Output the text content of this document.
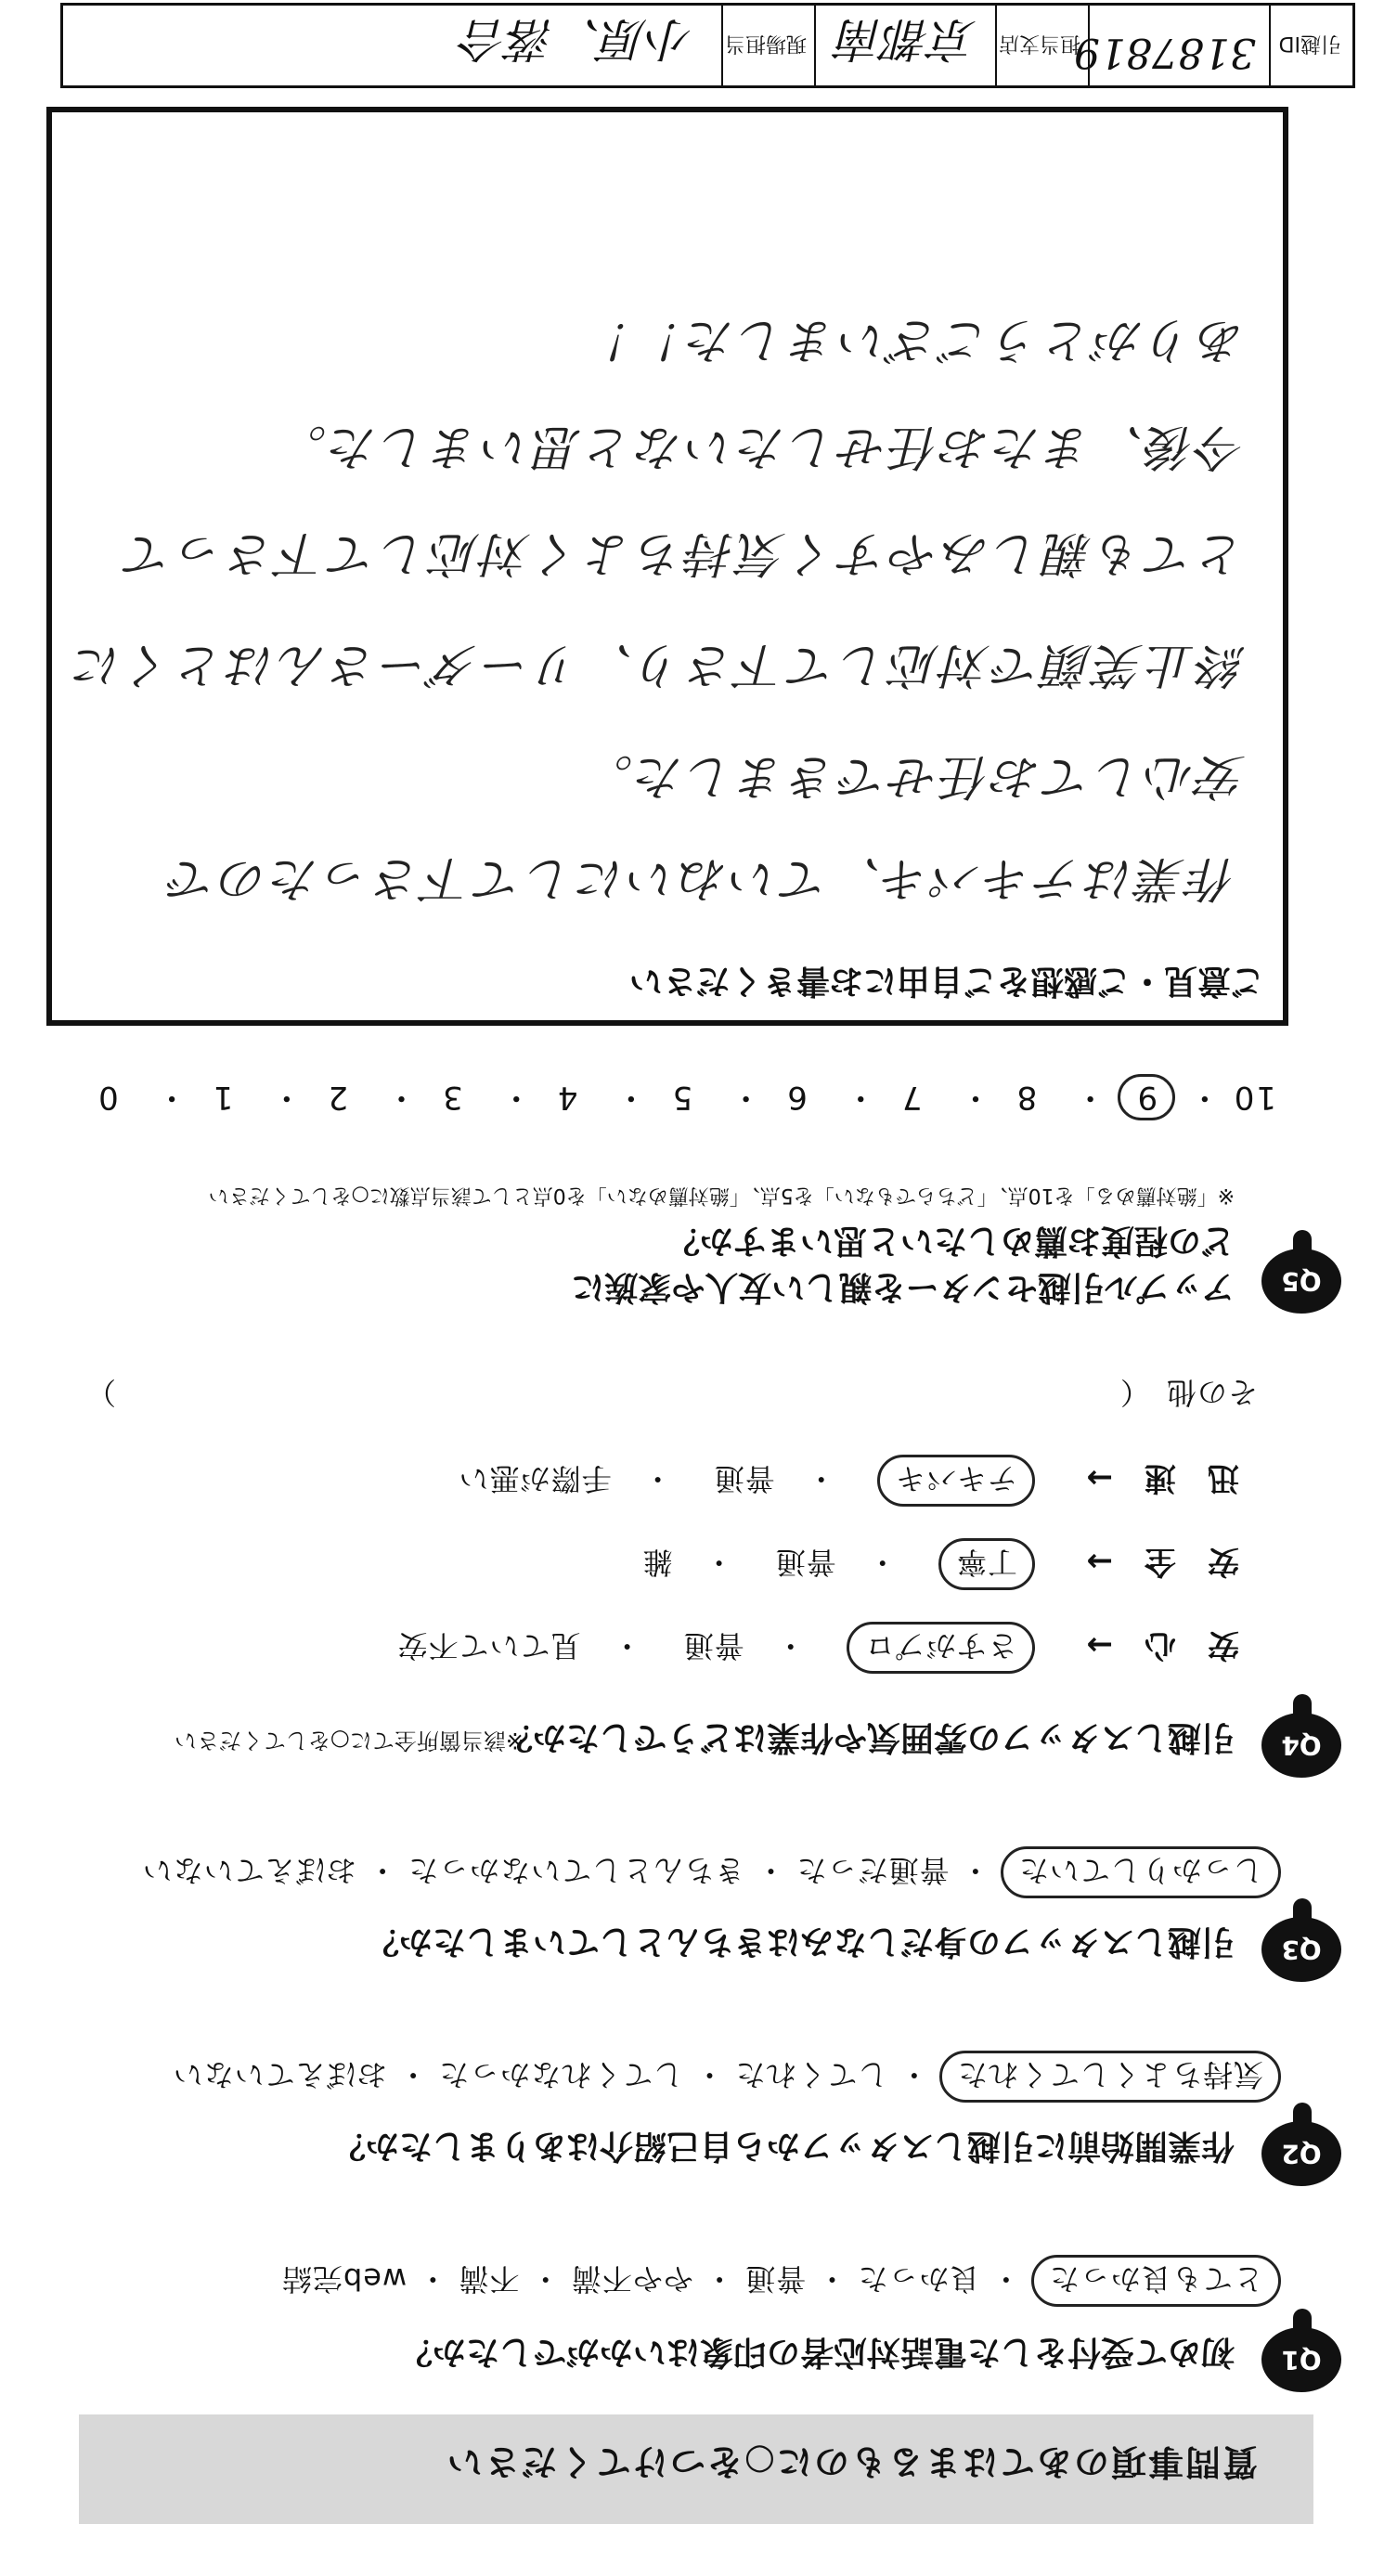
質問事項のあてはまるものに○をつけてください
Q1
初めて受付をした電話対応者の印象はいかがでしたか？
とても良かった ・ 良かった ・ 普通 ・ やや不満 ・ 不満 ・ web完結
Q2
作業開始前に引越しスタッフから自己紹介はありましたか？
気持ちよくしてくれた ・ してくれた ・ してくれなかった ・ おぼえていない
Q3
引越しスタッフの身だしなみはきちんとしていましたか？
しっかりしていた ・ 普通だった ・ きちんとしていなかった ・ おぼえていない
Q4
引越しスタッフの雰囲気や作業はどうでしたか？
※該当箇所全てに○をしてください
安　心　→
さすがプロ 　・　普通 　・　見ていて不安
安　全　→
丁寧 　・　普通 　・　雑
迅　速　→
テキパキ 　・　普通 　・　手際が悪い
その他　（
）
Q5
アップル引越センターを親しい友人や家族に
どの程度お薦めしたいと思いますか？
※「絶対薦める」を10点、「どちらでもない」を5点、「絶対薦めない」を0点として該当点数に○をしてください
10 ・ 9 ・   8  ・   7  ・   6  ・   5  ・   4  ・   3  ・   2  ・   1  ・   0
ご意見・ご感想をご自由にお書きください
作業はテキパキ、ていねいにして下さったので
安心してお任せできました。
終止笑顔で対応して下さり、リーダーさんはとくに
とても親しみやすく気持ちよく対応して下さって
今後、またお任せしたいなと思いました。
ありがとうございました！！
引越ID
3187819
担当支店
京都南
現場担当
小原、落合
